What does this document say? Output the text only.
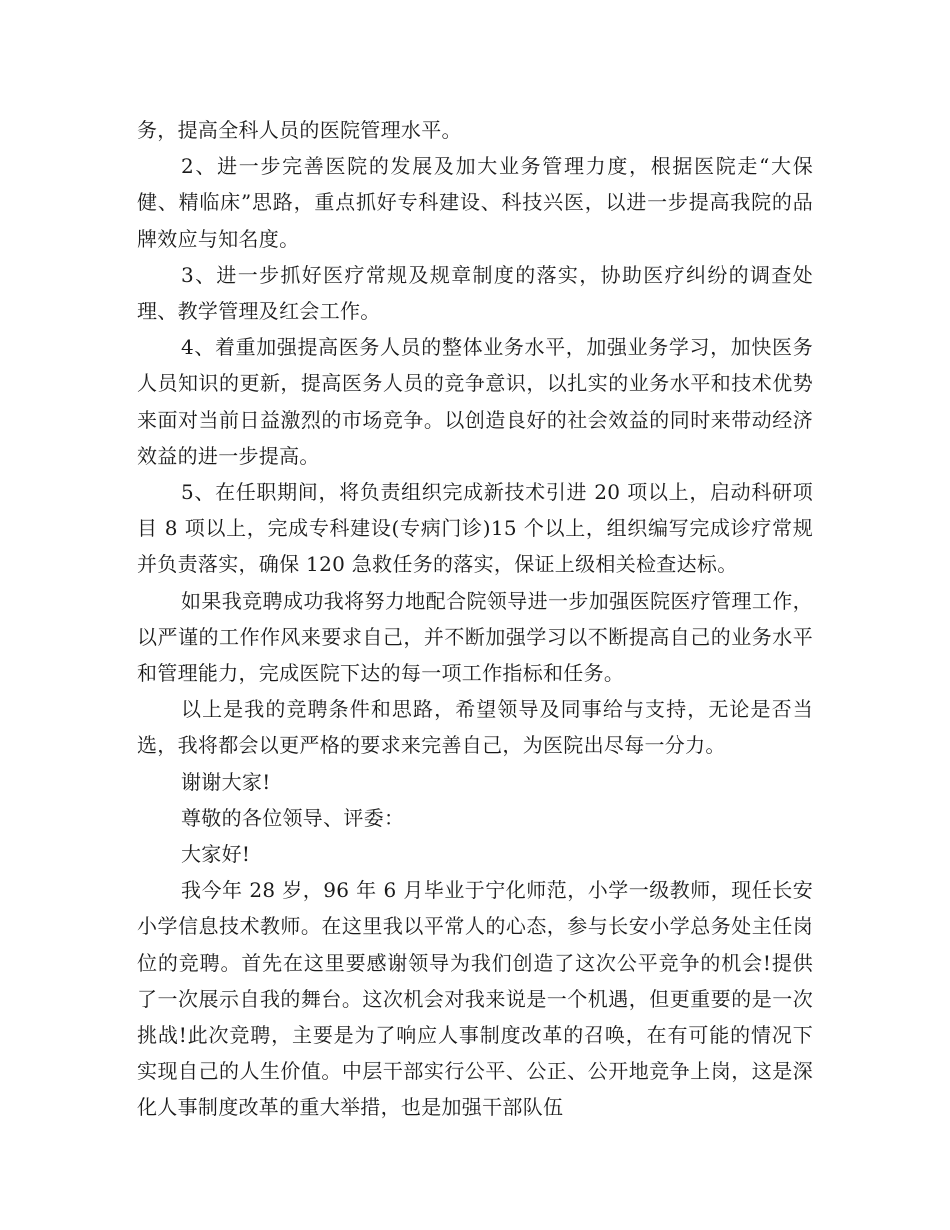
务，提高全科人员的医院管理水平。

2、进一步完善医院的发展及加大业务管理力度，根据医院走“大保健、精临床”思路，重点抓好专科建设、科技兴医，以进一步提高我院的品牌效应与知名度。

3、进一步抓好医疗常规及规章制度的落实，协助医疗纠纷的调查处理、教学管理及红会工作。

4、着重加强提高医务人员的整体业务水平，加强业务学习，加快医务人员知识的更新，提高医务人员的竞争意识，以扎实的业务水平和技术优势来面对当前日益激烈的市场竞争。以创造良好的社会效益的同时来带动经济效益的进一步提高。

5、在任职期间，将负责组织完成新技术引进 20 项以上，启动科研项目 8 项以上，完成专科建设(专病门诊)15 个以上，组织编写完成诊疗常规并负责落实，确保 120 急救任务的落实，保证上级相关检查达标。

如果我竞聘成功我将努力地配合院领导进一步加强医院医疗管理工作，以严谨的工作作风来要求自己，并不断加强学习以不断提高自己的业务水平和管理能力，完成医院下达的每一项工作指标和任务。

以上是我的竞聘条件和思路，希望领导及同事给与支持，无论是否当选，我将都会以更严格的要求来完善自己，为医院出尽每一分力。

谢谢大家!

尊敬的各位领导、评委：

大家好!

我今年 28 岁，96 年 6 月毕业于宁化师范，小学一级教师，现任长安小学信息技术教师。在这里我以平常人的心态，参与长安小学总务处主任岗位的竞聘。首先在这里要感谢领导为我们创造了这次公平竞争的机会!提供了一次展示自我的舞台。这次机会对我来说是一个机遇，但更重要的是一次挑战!此次竞聘，主要是为了响应人事制度改革的召唤，在有可能的情况下实现自己的人生价值。中层干部实行公平、公正、公开地竞争上岗，这是深化人事制度改革的重大举措，也是加强干部队伍
